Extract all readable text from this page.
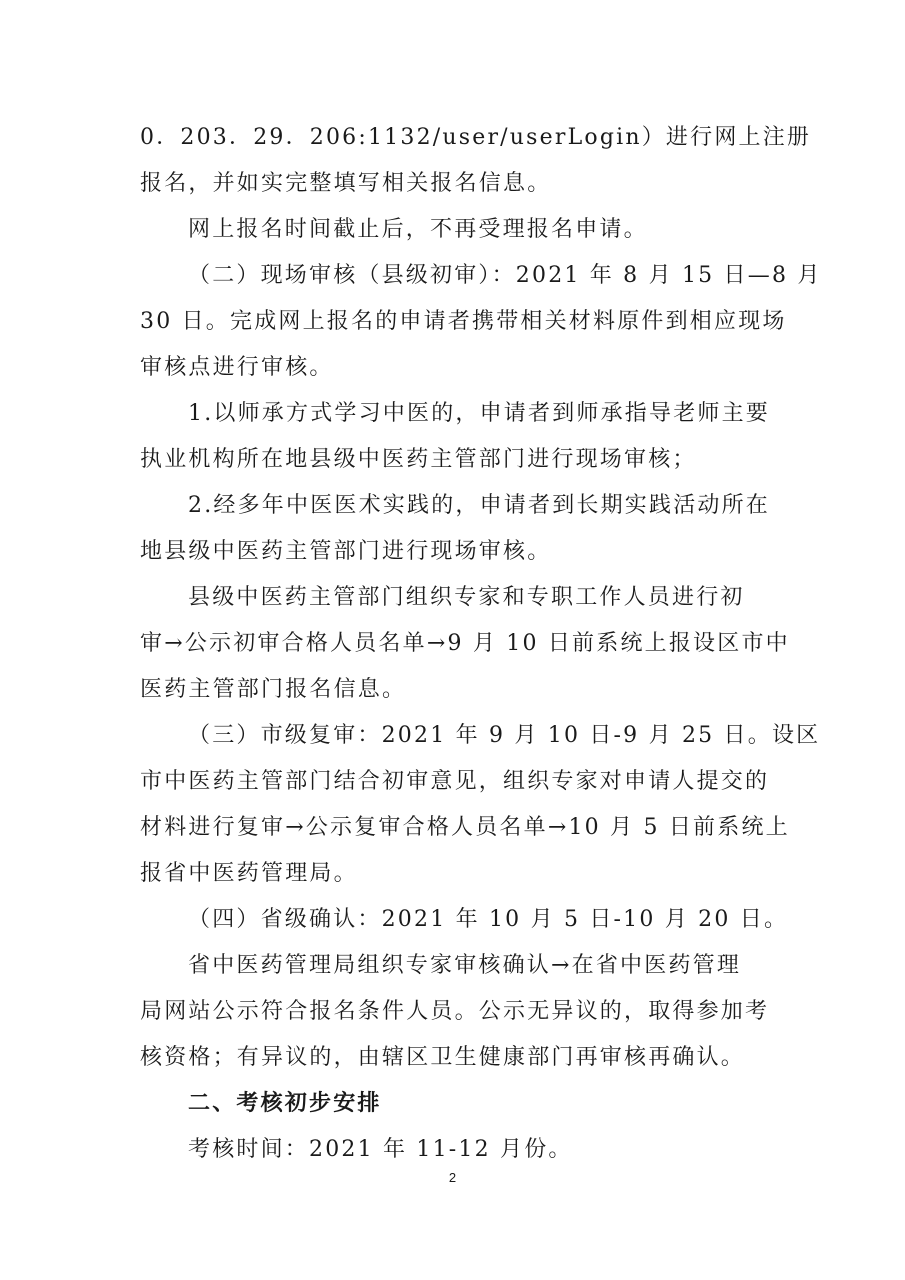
0．203．29．206:1132/user/userLogin）进行网上注册
报名，并如实完整填写相关报名信息。
网上报名时间截止后，不再受理报名申请。
（二）现场审核（县级初审）：2021 年 8 月 15 日—8 月
30 日。完成网上报名的申请者携带相关材料原件到相应现场
审核点进行审核。
1.以师承方式学习中医的，申请者到师承指导老师主要
执业机构所在地县级中医药主管部门进行现场审核；
2.经多年中医医术实践的，申请者到长期实践活动所在
地县级中医药主管部门进行现场审核。
县级中医药主管部门组织专家和专职工作人员进行初
审→公示初审合格人员名单→9 月 10 日前系统上报设区市中
医药主管部门报名信息。
（三）市级复审：2021 年 9 月 10 日-9 月 25 日。设区
市中医药主管部门结合初审意见，组织专家对申请人提交的
材料进行复审→公示复审合格人员名单→10 月 5 日前系统上
报省中医药管理局。
（四）省级确认：2021 年 10 月 5 日-10 月 20 日。
省中医药管理局组织专家审核确认→在省中医药管理
局网站公示符合报名条件人员。公示无异议的，取得参加考
核资格；有异议的，由辖区卫生健康部门再审核再确认。
二、考核初步安排
考核时间：2021 年 11-12 月份。
2
